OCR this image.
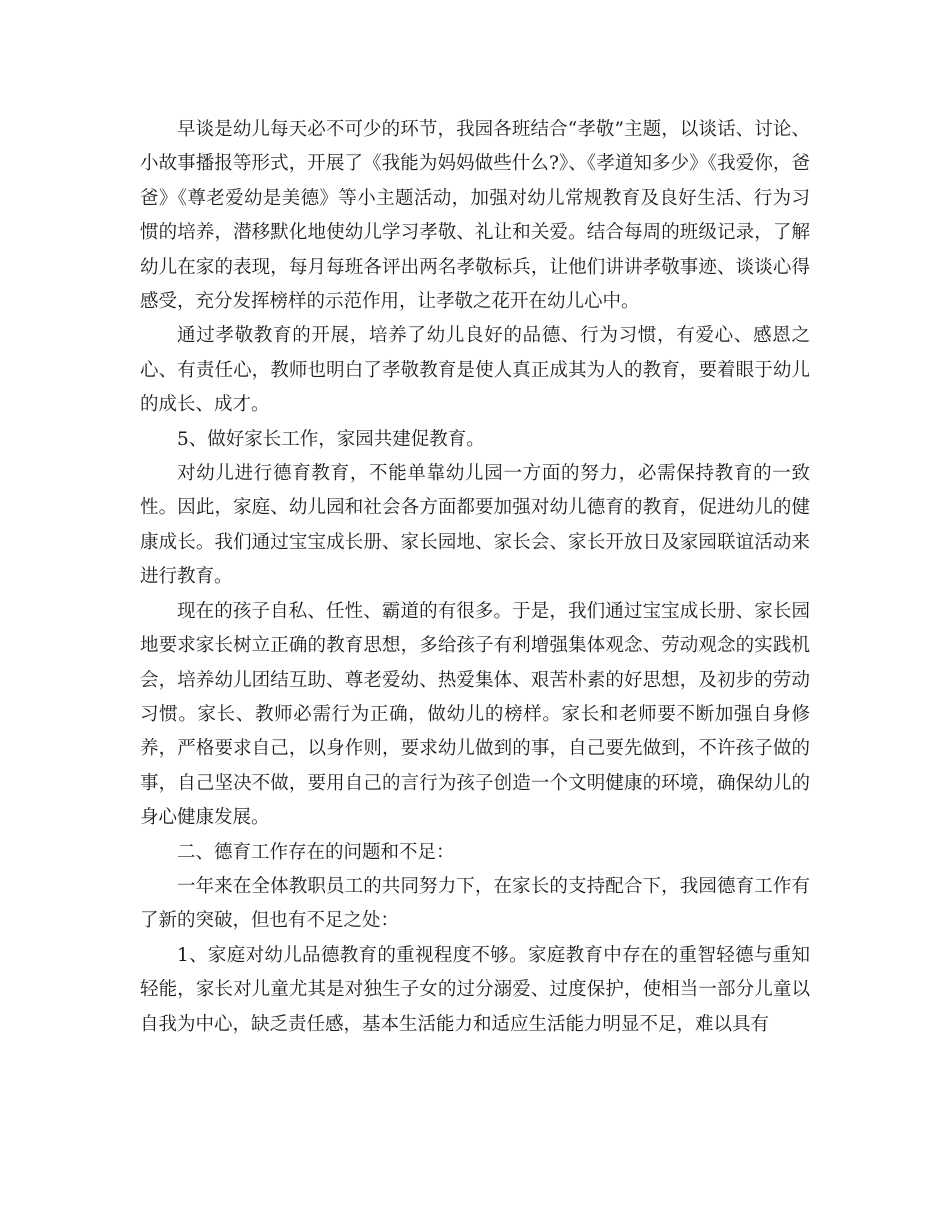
早谈是幼儿每天必不可少的环节，我园各班结合“孝敬”主题，以谈话、讨论、小故事播报等形式，开展了《我能为妈妈做些什么?》、《孝道知多少》《我爱你，爸爸》《尊老爱幼是美德》等小主题活动，加强对幼儿常规教育及良好生活、行为习惯的培养，潜移默化地使幼儿学习孝敬、礼让和关爱。结合每周的班级记录，了解幼儿在家的表现，每月每班各评出两名孝敬标兵，让他们讲讲孝敬事迹、谈谈心得感受，充分发挥榜样的示范作用，让孝敬之花开在幼儿心中。

通过孝敬教育的开展，培养了幼儿良好的品德、行为习惯，有爱心、感恩之心、有责任心，教师也明白了孝敬教育是使人真正成其为人的教育，要着眼于幼儿的成长、成才。

5、做好家长工作，家园共建促教育。

对幼儿进行德育教育，不能单靠幼儿园一方面的努力，必需保持教育的一致性。因此，家庭、幼儿园和社会各方面都要加强对幼儿德育的教育，促进幼儿的健康成长。我们通过宝宝成长册、家长园地、家长会、家长开放日及家园联谊活动来进行教育。

现在的孩子自私、任性、霸道的有很多。于是，我们通过宝宝成长册、家长园地要求家长树立正确的教育思想，多给孩子有利增强集体观念、劳动观念的实践机会，培养幼儿团结互助、尊老爱幼、热爱集体、艰苦朴素的好思想，及初步的劳动习惯。家长、教师必需行为正确，做幼儿的榜样。家长和老师要不断加强自身修养，严格要求自己，以身作则，要求幼儿做到的事，自己要先做到，不许孩子做的事，自己坚决不做，要用自己的言行为孩子创造一个文明健康的环境，确保幼儿的身心健康发展。

二、德育工作存在的问题和不足：

一年来在全体教职员工的共同努力下，在家长的支持配合下，我园德育工作有了新的突破，但也有不足之处：

1、家庭对幼儿品德教育的重视程度不够。家庭教育中存在的重智轻德与重知轻能，家长对儿童尤其是对独生子女的过分溺爱、过度保护，使相当一部分儿童以自我为中心，缺乏责任感，基本生活能力和适应生活能力明显不足，难以具有
